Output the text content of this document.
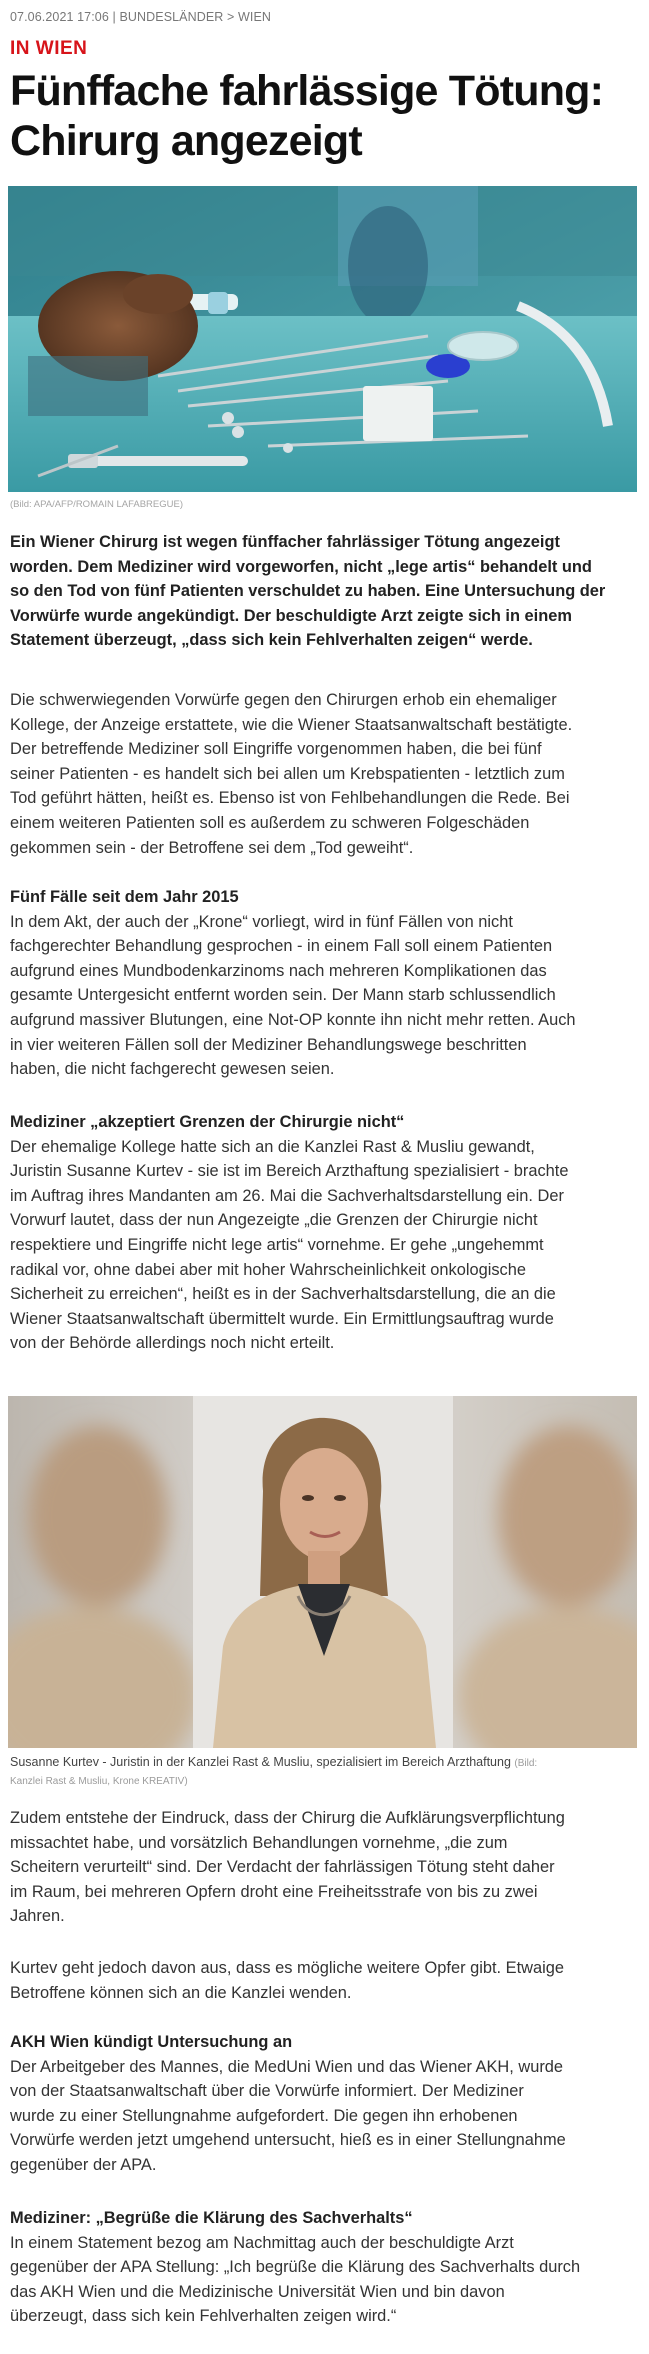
07.06.2021 17:06 | BUNDESLÄNDER > WIEN
IN WIEN
Fünffache fahrlässige Tötung:
Chirurg angezeigt
(Bild: APA/AFP/ROMAIN LAFABREGUE)
Ein Wiener Chirurg ist wegen fünffacher fahrlässiger Tötung angezeigt
worden. Dem Mediziner wird vorgeworfen, nicht „lege artis“ behandelt und
so den Tod von fünf Patienten verschuldet zu haben. Eine Untersuchung der
Vorwürfe wurde angekündigt. Der beschuldigte Arzt zeigte sich in einem
Statement überzeugt, „dass sich kein Fehlverhalten zeigen“ werde.
Die schwerwiegenden Vorwürfe gegen den Chirurgen erhob ein ehemaliger
Kollege, der Anzeige erstattete, wie die Wiener Staatsanwaltschaft bestätigte.
Der betreffende Mediziner soll Eingriffe vorgenommen haben, die bei fünf
seiner Patienten - es handelt sich bei allen um Krebspatienten - letztlich zum
Tod geführt hätten, heißt es. Ebenso ist von Fehlbehandlungen die Rede. Bei
einem weiteren Patienten soll es außerdem zu schweren Folgeschäden
gekommen sein - der Betroffene sei dem „Tod geweiht“.
Fünf Fälle seit dem Jahr 2015
In dem Akt, der auch der „Krone“ vorliegt, wird in fünf Fällen von nicht
fachgerechter Behandlung gesprochen - in einem Fall soll einem Patienten
aufgrund eines Mundbodenkarzinoms nach mehreren Komplikationen das
gesamte Untergesicht entfernt worden sein. Der Mann starb schlussendlich
aufgrund massiver Blutungen, eine Not-OP konnte ihn nicht mehr retten. Auch
in vier weiteren Fällen soll der Mediziner Behandlungswege beschritten
haben, die nicht fachgerecht gewesen seien.
Mediziner „akzeptiert Grenzen der Chirurgie nicht“
Der ehemalige Kollege hatte sich an die Kanzlei Rast & Musliu gewandt,
Juristin Susanne Kurtev - sie ist im Bereich Arzthaftung spezialisiert - brachte
im Auftrag ihres Mandanten am 26. Mai die Sachverhaltsdarstellung ein. Der
Vorwurf lautet, dass der nun Angezeigte „die Grenzen der Chirurgie nicht
respektiere und Eingriffe nicht lege artis“ vornehme. Er gehe „ungehemmt
radikal vor, ohne dabei aber mit hoher Wahrscheinlichkeit onkologische
Sicherheit zu erreichen“, heißt es in der Sachverhaltsdarstellung, die an die
Wiener Staatsanwaltschaft übermittelt wurde. Ein Ermittlungsauftrag wurde
von der Behörde allerdings noch nicht erteilt.
Susanne Kurtev - Juristin in der Kanzlei Rast & Musliu, spezialisiert im Bereich Arzthaftung (Bild:
Kanzlei Rast & Musliu, Krone KREATIV)
Zudem entstehe der Eindruck, dass der Chirurg die Aufklärungsverpflichtung
missachtet habe, und vorsätzlich Behandlungen vornehme, „die zum
Scheitern verurteilt“ sind. Der Verdacht der fahrlässigen Tötung steht daher
im Raum, bei mehreren Opfern droht eine Freiheitsstrafe von bis zu zwei
Jahren.
Kurtev geht jedoch davon aus, dass es mögliche weitere Opfer gibt. Etwaige
Betroffene können sich an die Kanzlei wenden.
AKH Wien kündigt Untersuchung an
Der Arbeitgeber des Mannes, die MedUni Wien und das Wiener AKH, wurde
von der Staatsanwaltschaft über die Vorwürfe informiert. Der Mediziner
wurde zu einer Stellungnahme aufgefordert. Die gegen ihn erhobenen
Vorwürfe werden jetzt umgehend untersucht, hieß es in einer Stellungnahme
gegenüber der APA.
Mediziner: „Begrüße die Klärung des Sachverhalts“
In einem Statement bezog am Nachmittag auch der beschuldigte Arzt
gegenüber der APA Stellung: „Ich begrüße die Klärung des Sachverhalts durch
das AKH Wien und die Medizinische Universität Wien und bin davon
überzeugt, dass sich kein Fehlverhalten zeigen wird.“
